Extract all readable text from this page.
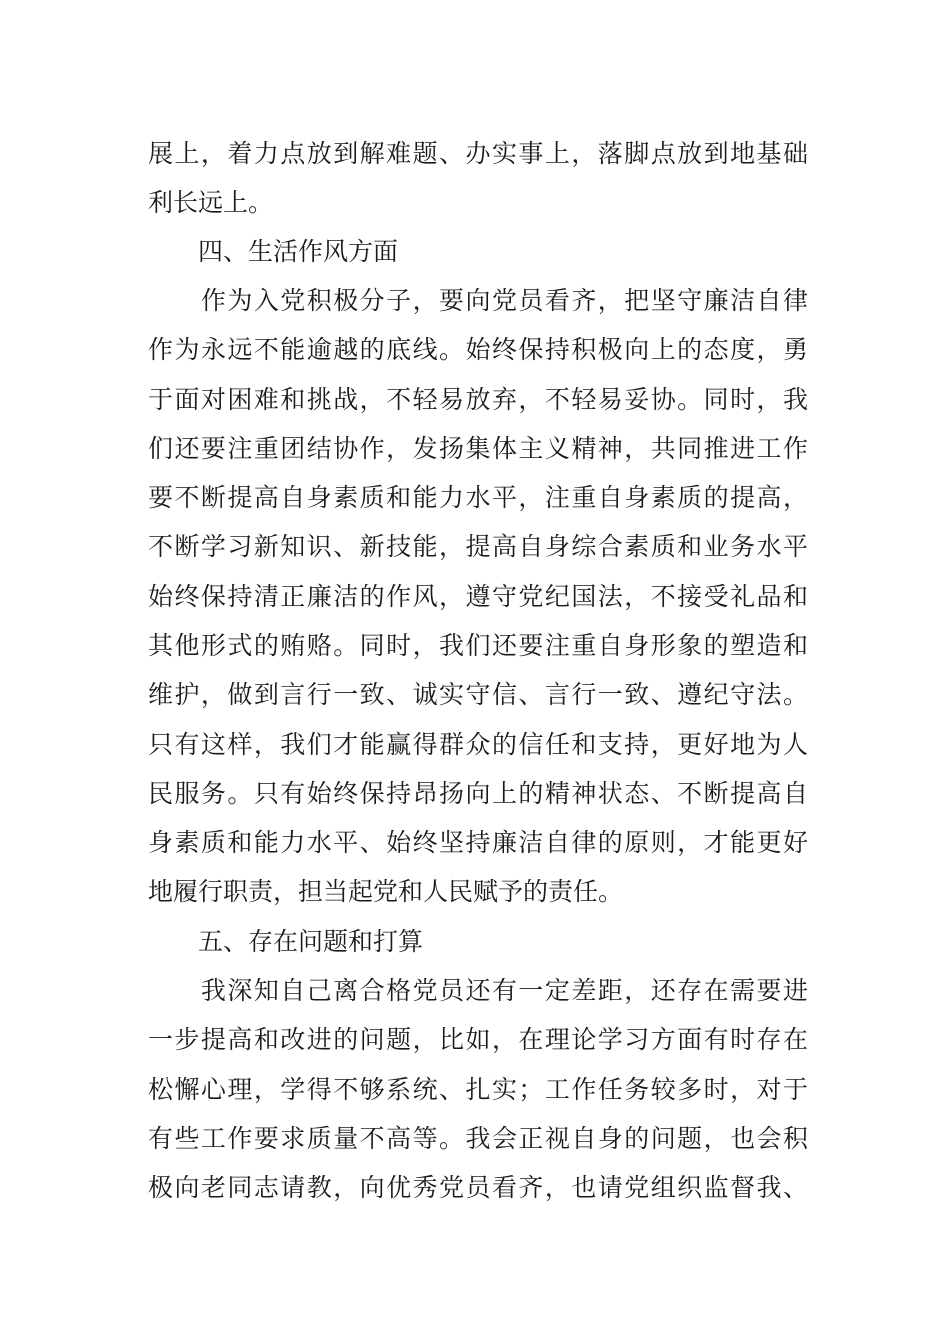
展上，着力点放到解难题、办实事上，落脚点放到地基础
利长远上。
四、生活作风方面
　　作为入党积极分子，要向党员看齐，把坚守廉洁自律
作为永远不能逾越的底线。始终保持积极向上的态度，勇
于面对困难和挑战，不轻易放弃，不轻易妥协。同时，我
们还要注重团结协作，发扬集体主义精神，共同推进工作
要不断提高自身素质和能力水平，注重自身素质的提高，
不断学习新知识、新技能，提高自身综合素质和业务水平
始终保持清正廉洁的作风，遵守党纪国法，不接受礼品和
其他形式的贿赂。同时，我们还要注重自身形象的塑造和
维护，做到言行一致、诚实守信、言行一致、遵纪守法。
只有这样，我们才能赢得群众的信任和支持，更好地为人
民服务。只有始终保持昂扬向上的精神状态、不断提高自
身素质和能力水平、始终坚持廉洁自律的原则，才能更好
地履行职责，担当起党和人民赋予的责任。
五、存在问题和打算
　　我深知自己离合格党员还有一定差距，还存在需要进
一步提高和改进的问题，比如，在理论学习方面有时存在
松懈心理，学得不够系统、扎实；工作任务较多时，对于
有些工作要求质量不高等。我会正视自身的问题，也会积
极向老同志请教，向优秀党员看齐，也请党组织监督我、
